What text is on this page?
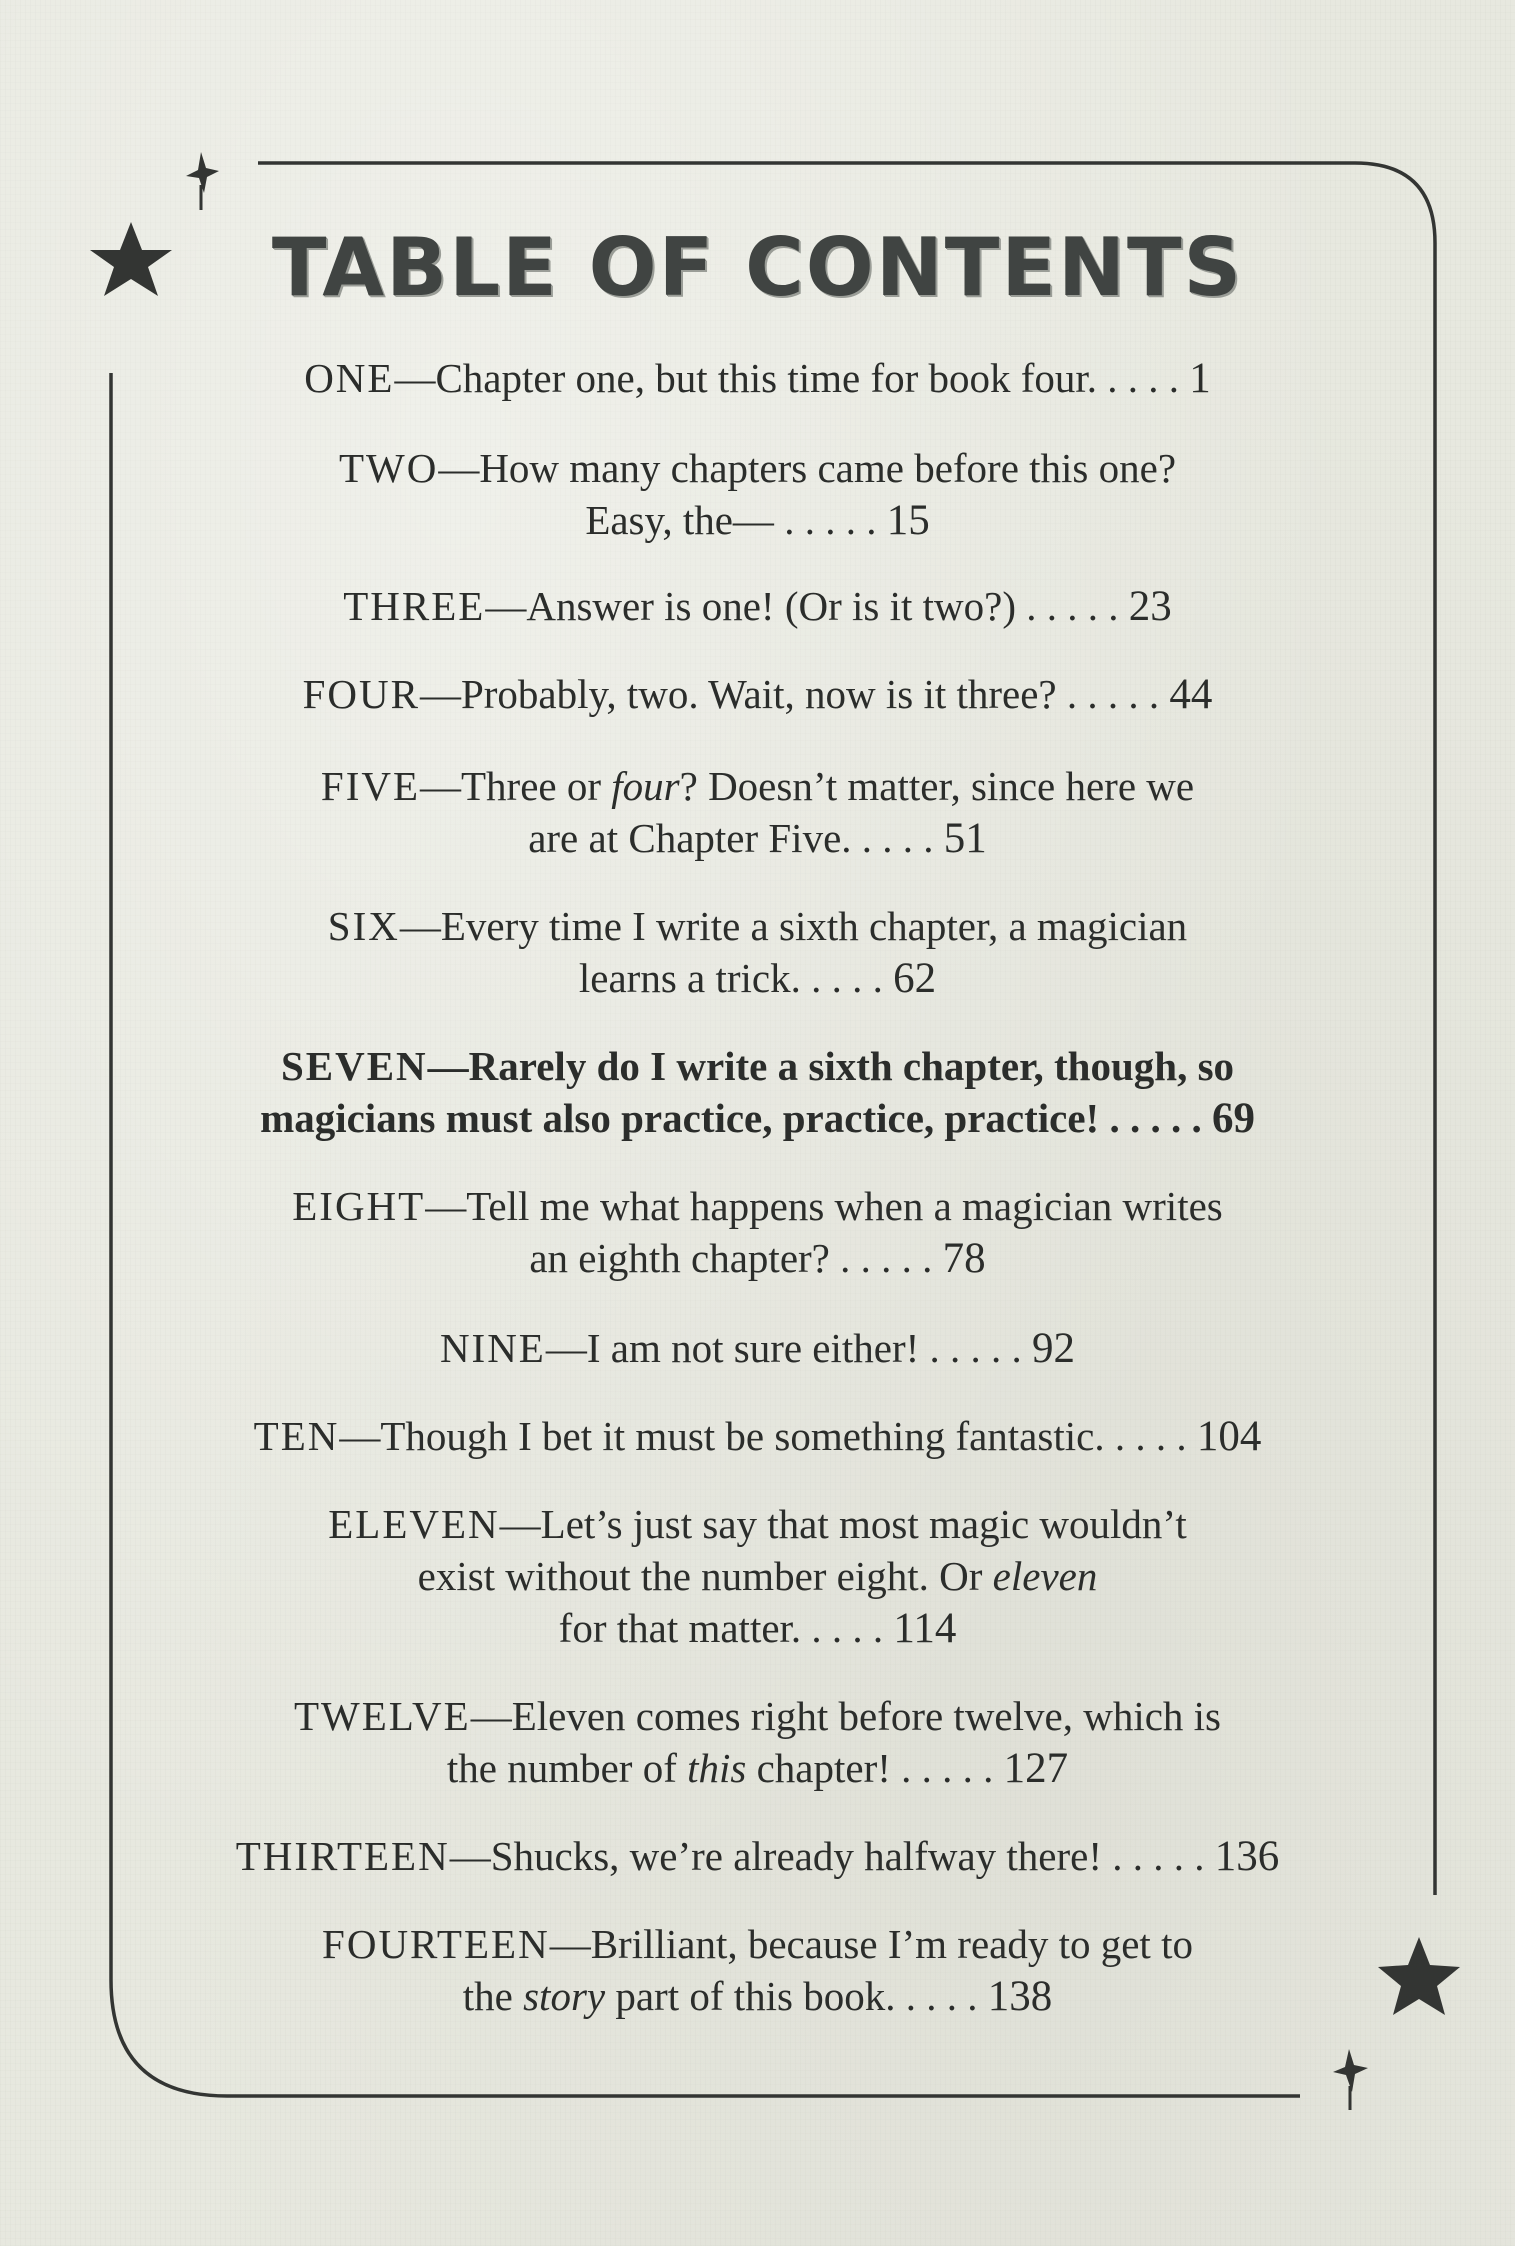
TABLE OF CONTENTS

ONE—Chapter one, but this time for book four. . . . . 1

TWO—How many chapters came before this one?
Easy, the— . . . . . 15

THREE—Answer is one! (Or is it two?) . . . . . 23

FOUR—Probably, two. Wait, now is it three? . . . . . 44

FIVE—Three or four? Doesn’t matter, since here we
are at Chapter Five. . . . . 51

SIX—Every time I write a sixth chapter, a magician
learns a trick. . . . . 62

SEVEN—Rarely do I write a sixth chapter, though, so
magicians must also practice, practice, practice! . . . . . 69

EIGHT—Tell me what happens when a magician writes
an eighth chapter? . . . . . 78

NINE—I am not sure either! . . . . . 92

TEN—Though I bet it must be something fantastic. . . . . 104

ELEVEN—Let’s just say that most magic wouldn’t
exist without the number eight. Or eleven
for that matter. . . . . 114

TWELVE—Eleven comes right before twelve, which is
the number of this chapter! . . . . . 127

THIRTEEN—Shucks, we’re already halfway there! . . . . . 136

FOURTEEN—Brilliant, because I’m ready to get to
the story part of this book. . . . . 138
